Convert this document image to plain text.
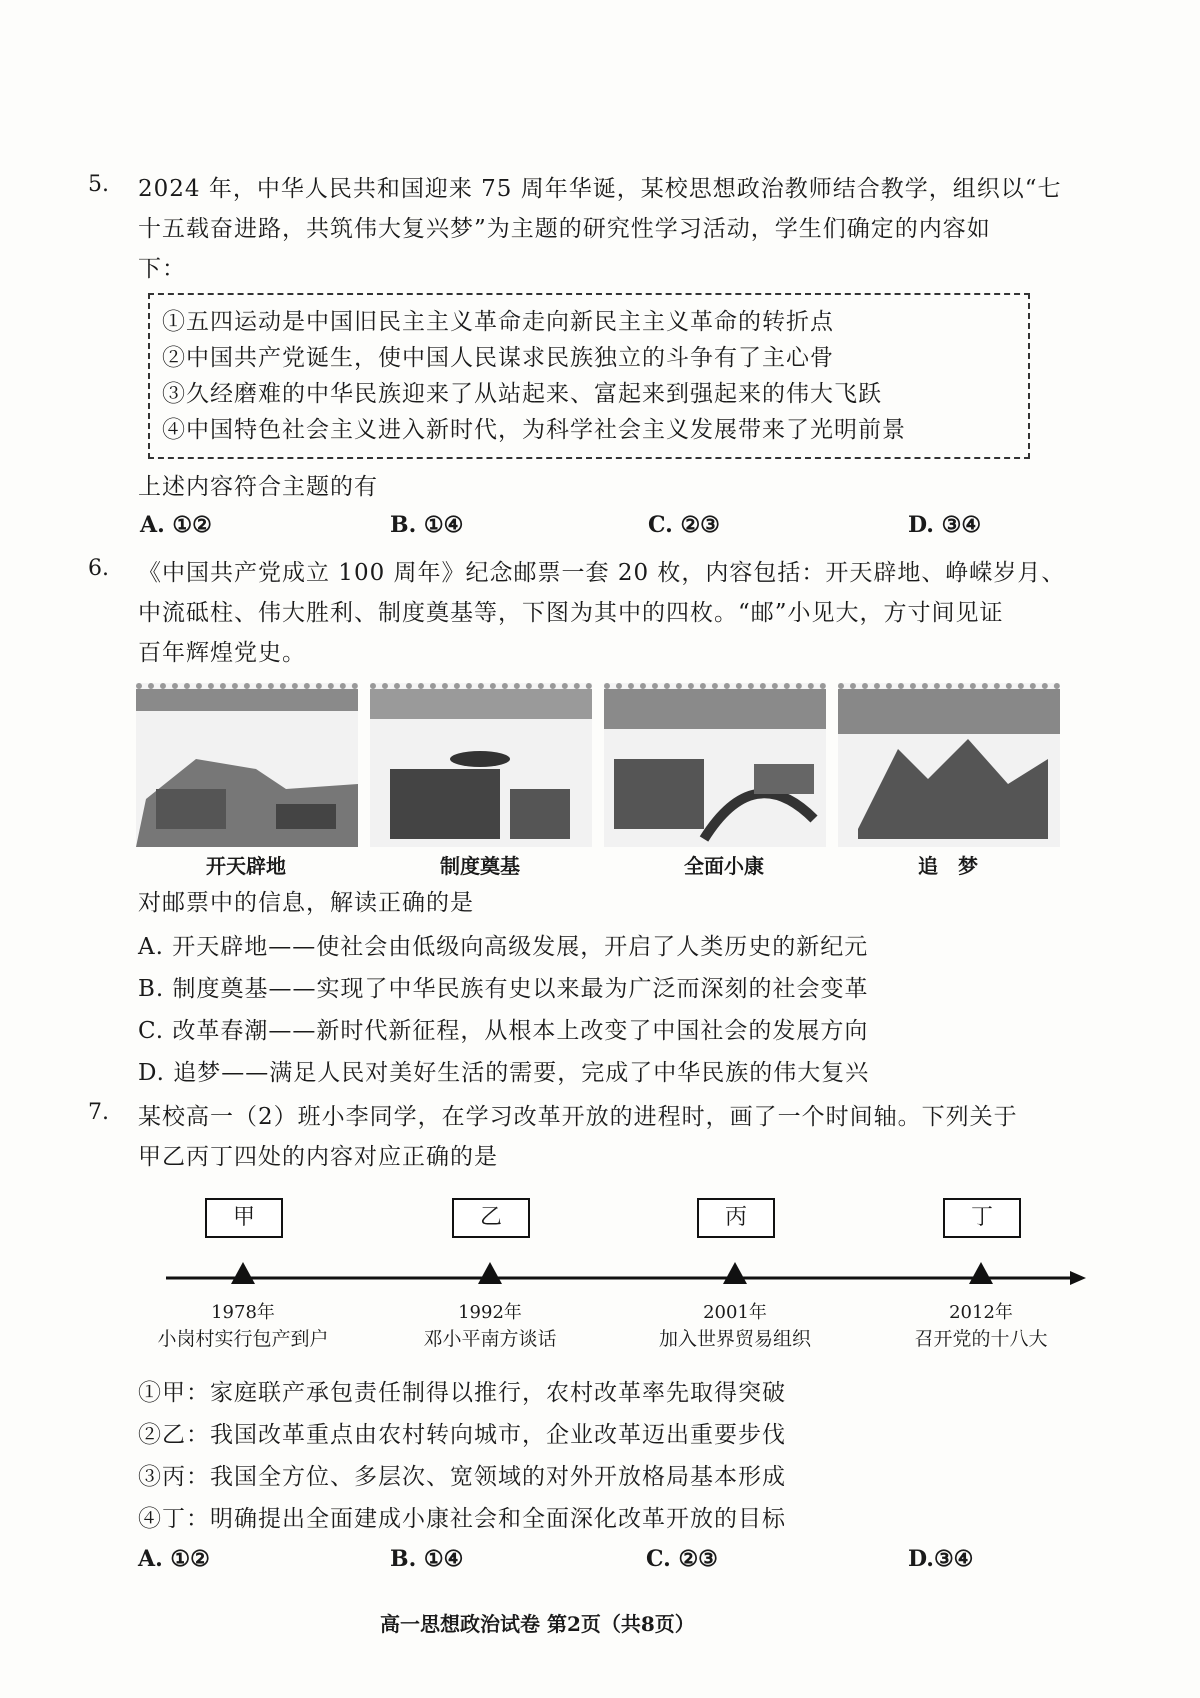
5. 2024 年，中华人民共和国迎来 75 周年华诞，某校思想政治教师结合教学，组织以“七
十五载奋进路，共筑伟大复兴梦”为主题的研究性学习活动，学生们确定的内容如
下：
①五四运动是中国旧民主主义革命走向新民主主义革命的转折点
②中国共产党诞生，使中国人民谋求民族独立的斗争有了主心骨
③久经磨难的中华民族迎来了从站起来、富起来到强起来的伟大飞跃
④中国特色社会主义进入新时代，为科学社会主义发展带来了光明前景
上述内容符合主题的有
A. ①②	B. ①④	C. ②③	D. ③④
6. 《中国共产党成立 100 周年》纪念邮票一套 20 枚，内容包括：开天辟地、峥嵘岁月、
中流砥柱、伟大胜利、制度奠基等，下图为其中的四枚。“邮”小见大，方寸间见证
百年辉煌党史。
开天辟地	制度奠基	全面小康	追　梦
对邮票中的信息，解读正确的是
A. 开天辟地——使社会由低级向高级发展，开启了人类历史的新纪元
B. 制度奠基——实现了中华民族有史以来最为广泛而深刻的社会变革
C. 改革春潮——新时代新征程，从根本上改变了中国社会的发展方向
D. 追梦——满足人民对美好生活的需要，完成了中华民族的伟大复兴
7. 某校高一（2）班小李同学，在学习改革开放的进程时，画了一个时间轴。下列关于
甲乙丙丁四处的内容对应正确的是
甲	乙	丙	丁
1978年	1992年	2001年	2012年
小岗村实行包产到户	邓小平南方谈话	加入世界贸易组织	召开党的十八大
①甲：家庭联产承包责任制得以推行，农村改革率先取得突破
②乙：我国改革重点由农村转向城市，企业改革迈出重要步伐
③丙：我国全方位、多层次、宽领域的对外开放格局基本形成
④丁：明确提出全面建成小康社会和全面深化改革开放的目标
A. ①②	B. ①④	C. ②③	D.③④
高一思想政治试卷 第2页（共8页）
